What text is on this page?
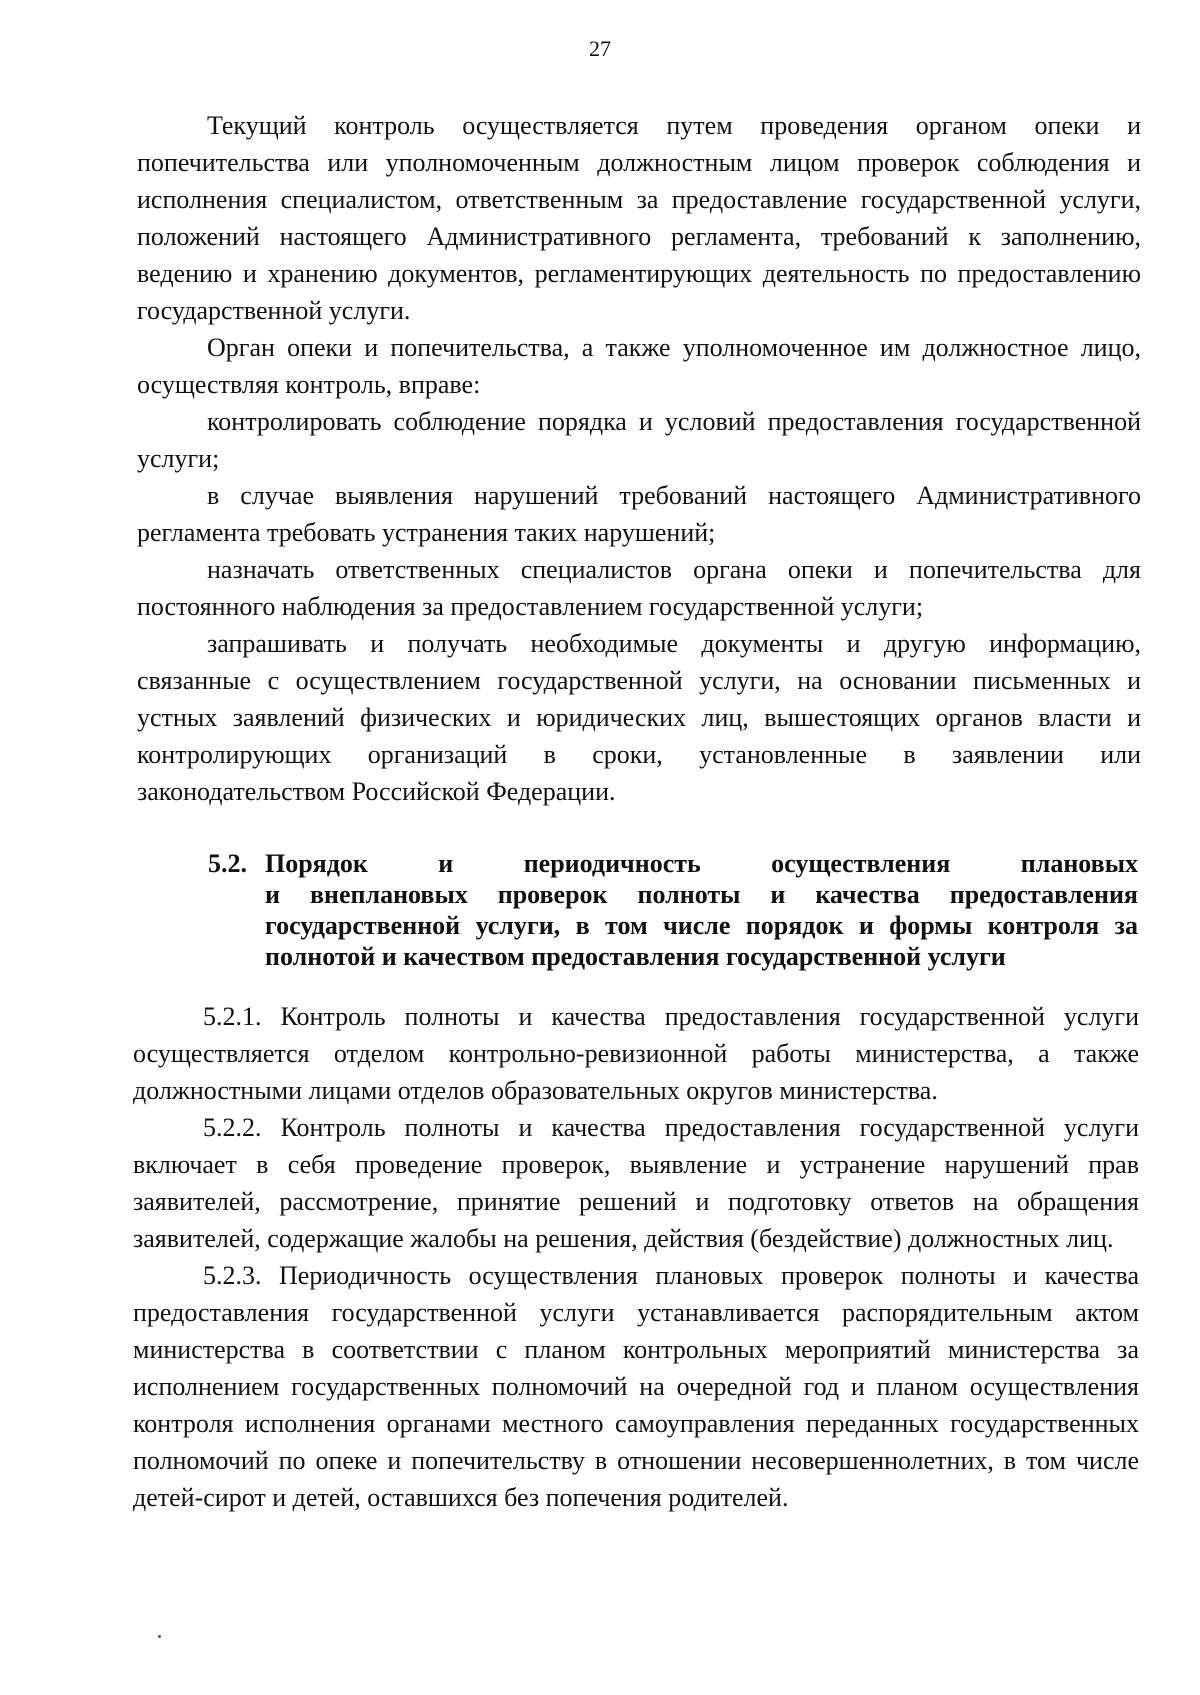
27

Текущий контроль осуществляется путем проведения органом опеки и попечительства или уполномоченным должностным лицом проверок соблюдения и исполнения специалистом, ответственным за предоставление государственной услуги, положений настоящего Административного регламента, требований к заполнению, ведению и хранению документов, регламентирующих деятельность по предоставлению государственной услуги.

Орган опеки и попечительства, а также уполномоченное им должностное лицо, осуществляя контроль, вправе:

контролировать соблюдение порядка и условий предоставления государственной услуги;

в случае выявления нарушений требований настоящего Административного регламента требовать устранения таких нарушений;

назначать ответственных специалистов органа опеки и попечительства для постоянного наблюдения за предоставлением государственной услуги;

запрашивать и получать необходимые документы и другую информацию, связанные с осуществлением государственной услуги, на основании письменных и устных заявлений физических и юридических лиц, вышестоящих органов власти и контролирующих организаций в сроки, установленные в заявлении или законодательством Российской Федерации.

5.2. Порядок и периодичность осуществления плановых
и внеплановых проверок полноты и качества предоставления государственной услуги, в том числе порядок и формы контроля за полнотой и качеством предоставления государственной услуги

5.2.1. Контроль полноты и качества предоставления государственной услуги осуществляется отделом контрольно-ревизионной работы министерства, а также должностными лицами отделов образовательных округов министерства.

5.2.2. Контроль полноты и качества предоставления государственной услуги включает в себя проведение проверок, выявление и устранение нарушений прав заявителей, рассмотрение, принятие решений и подготовку ответов на обращения заявителей, содержащие жалобы на решения, действия (бездействие) должностных лиц.

5.2.3. Периодичность осуществления плановых проверок полноты и качества предоставления государственной услуги устанавливается распорядительным актом министерства в соответствии с планом контрольных мероприятий министерства за исполнением государственных полномочий на очередной год и планом осуществления контроля исполнения органами местного самоуправления переданных государственных полномочий по опеке и попечительству в отношении несовершеннолетних, в том числе детей-сирот и детей, оставшихся без попечения родителей.
